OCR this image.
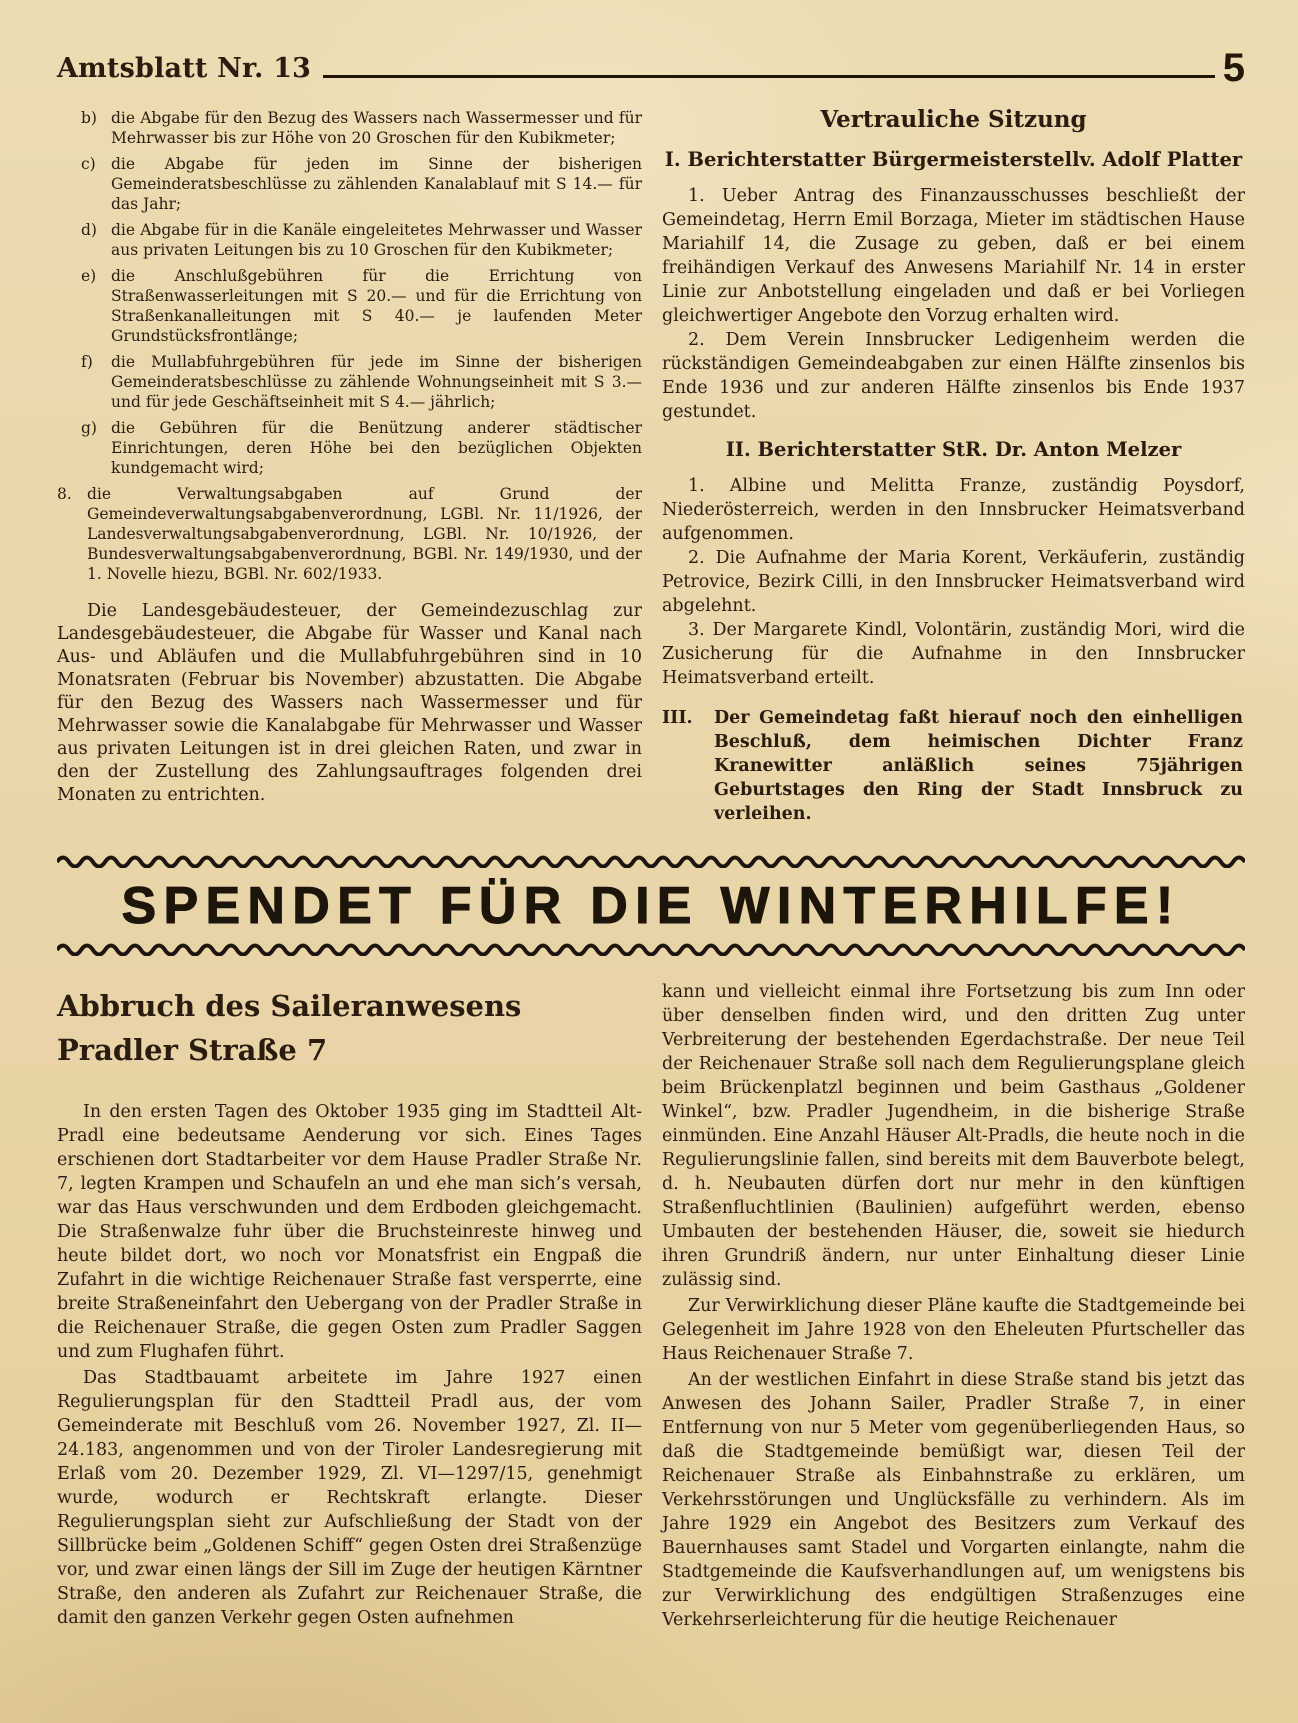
Amtsblatt Nr. 13	5
b) die Abgabe für den Bezug des Wassers nach Wassermesser und für Mehrwasser bis zur Höhe von 20 Groschen für den Kubikmeter;
c) die Abgabe für jeden im Sinne der bisherigen Gemeinderatsbeschlüsse zu zählenden Kanalablauf mit S 14.— für das Jahr;
d) die Abgabe für in die Kanäle eingeleitetes Mehrwasser und Wasser aus privaten Leitungen bis zu 10 Groschen für den Kubikmeter;
e) die Anschlußgebühren für die Errichtung von Straßenwasserleitungen mit S 20.— und für die Errichtung von Straßenkanalleitungen mit S 40.— je laufenden Meter Grundstücksfrontlänge;
f)	die Mullabfuhrgebühren für jede im Sinne der bisherigen Gemeinderatsbeschlüsse zu zählende Wohnungseinheit mit S 3.— und für jede Geschäftseinheit mit S 4.— jährlich;
g) die Gebühren für die Benützung anderer städtischer Einrichtungen, deren Höhe bei den bezüglichen Objekten kundgemacht wird;
8. die Verwaltungsabgaben auf Grund der Gemeindeverwaltungsabgabenverordnung, LGBl. Nr. 11/1926, der Landesverwaltungsabgabenverordnung, LGBl. Nr. 10/1926, der Bundesverwaltungsabgabenverordnung, BGBl. Nr. 149/1930, und der 1. Novelle hiezu, BGBl. Nr. 602/1933.

Die Landesgebäudesteuer, der Gemeindezuschlag zur Landesgebäudesteuer, die Abgabe für Wasser und Kanal nach Aus- und Abläufen und die Mullabfuhrgebühren sind in 10 Monatsraten (Februar bis November) abzustatten. Die Abgabe für den Bezug des Wassers nach Wassermesser und für Mehrwasser sowie die Kanalabgabe für Mehrwasser und Wasser aus privaten Leitungen ist in drei gleichen Raten, und zwar in den der Zustellung des Zahlungsauftrages folgenden drei Monaten zu entrichten.

Vertrauliche Sitzung
I. Berichterstatter Bürgermeisterstellv. Adolf Platter

1. Ueber Antrag des Finanzausschusses beschließt der Gemeindetag, Herrn Emil Borzaga, Mieter im städtischen Hause Mariahilf 14, die Zusage zu geben, daß er bei einem freihändigen Verkauf des Anwesens Mariahilf Nr. 14 in erster Linie zur Anbotstellung eingeladen und daß er bei Vorliegen gleichwertiger Angebote den Vorzug erhalten wird.

2. Dem Verein Innsbrucker Ledigenheim werden die rückständigen Gemeindeabgaben zur einen Hälfte zinsenlos bis Ende 1936 und zur anderen Hälfte zinsenlos bis Ende 1937 gestundet.

II. Berichterstatter StR. Dr. Anton Melzer

1. Albine und Melitta Franze, zuständig Poysdorf, Niederösterreich, werden in den Innsbrucker Heimatsverband aufgenommen.

2. Die Aufnahme der Maria Korent, Verkäuferin, zuständig Petrovice, Bezirk Cilli, in den Innsbrucker Heimatsverband wird abgelehnt.

3. Der Margarete Kindl, Volontärin, zuständig Mori, wird die Zusicherung für die Aufnahme in den Innsbrucker Heimatsverband erteilt.

III.	Der Gemeindetag faßt hierauf noch den einhelligen Beschluß, dem heimischen Dichter Franz Kranewitter anläßlich seines 75jährigen Geburtstages den Ring der Stadt Innsbruck zu verleihen.
SPENDET FÜR DIE WINTERHILFE!
Abbruch des Saileranwesens Pradler Straße 7

In den ersten Tagen des Oktober 1935 ging im Stadtteil Alt-Pradl eine bedeutsame Aenderung vor sich. Eines Tages erschienen dort Stadtarbeiter vor dem Hause Pradler Straße Nr. 7, legten Krampen und Schaufeln an und ehe man sich’s versah, war das Haus verschwunden und dem Erdboden gleichgemacht. Die Straßenwalze fuhr über die Bruchsteinreste hinweg und heute bildet dort, wo noch vor Monatsfrist ein Engpaß die Zufahrt in die wichtige Reichenauer Straße fast versperrte, eine breite Straßeneinfahrt den Uebergang von der Pradler Straße in die Reichenauer Straße, die gegen Osten zum Pradler Saggen und zum Flughafen führt.

Das Stadtbauamt arbeitete im Jahre 1927 einen Regulierungsplan für den Stadtteil Pradl aus, der vom Gemeinderate mit Beschluß vom 26. November 1927, Zl. II—24.183, angenommen und von der Tiroler Landesregierung mit Erlaß vom 20. Dezember 1929, Zl. VI—1297/15, genehmigt wurde, wodurch er Rechtskraft erlangte. Dieser Regulierungsplan sieht zur Aufschließung der Stadt von der Sillbrücke beim „Goldenen Schiff“ gegen Osten drei Straßenzüge vor, und zwar einen längs der Sill im Zuge der heutigen Kärntner Straße, den anderen als Zufahrt zur Reichenauer Straße, die damit den ganzen Verkehr gegen Osten aufnehmen

kann und vielleicht einmal ihre Fortsetzung bis zum Inn oder über denselben finden wird, und den dritten Zug unter Verbreiterung der bestehenden Egerdachstraße. Der neue Teil der Reichenauer Straße soll nach dem Regulierungsplane gleich beim Brückenplatzl beginnen und beim Gasthaus „Goldener Winkel“, bzw. Pradler Jugendheim, in die bisherige Straße einmünden. Eine Anzahl Häuser Alt-Pradls, die heute noch in die Regulierungslinie fallen, sind bereits mit dem Bauverbote belegt, d. h. Neubauten dürfen dort nur mehr in den künftigen Straßenfluchtlinien (Baulinien) aufgeführt werden, ebenso Umbauten der bestehenden Häuser, die, soweit sie hiedurch ihren Grundriß ändern, nur unter Einhaltung dieser Linie zulässig sind.

Zur Verwirklichung dieser Pläne kaufte die Stadtgemeinde bei Gelegenheit im Jahre 1928 von den Eheleuten Pfurtscheller das Haus Reichenauer Straße 7.

An der westlichen Einfahrt in diese Straße stand bis jetzt das Anwesen des Johann Sailer, Pradler Straße 7, in einer Entfernung von nur 5 Meter vom gegenüberliegenden Haus, so daß die Stadtgemeinde bemüßigt war, diesen Teil der Reichenauer Straße als Einbahnstraße zu erklären, um Verkehrsstörungen und Unglücksfälle zu verhindern. Als im Jahre 1929 ein Angebot des Besitzers zum Verkauf des Bauernhauses samt Stadel und Vorgarten einlangte, nahm die Stadtgemeinde die Kaufsverhandlungen auf, um wenigstens bis zur Verwirklichung des endgültigen Straßenzuges eine Verkehrserleichterung für die heutige Reichenauer
